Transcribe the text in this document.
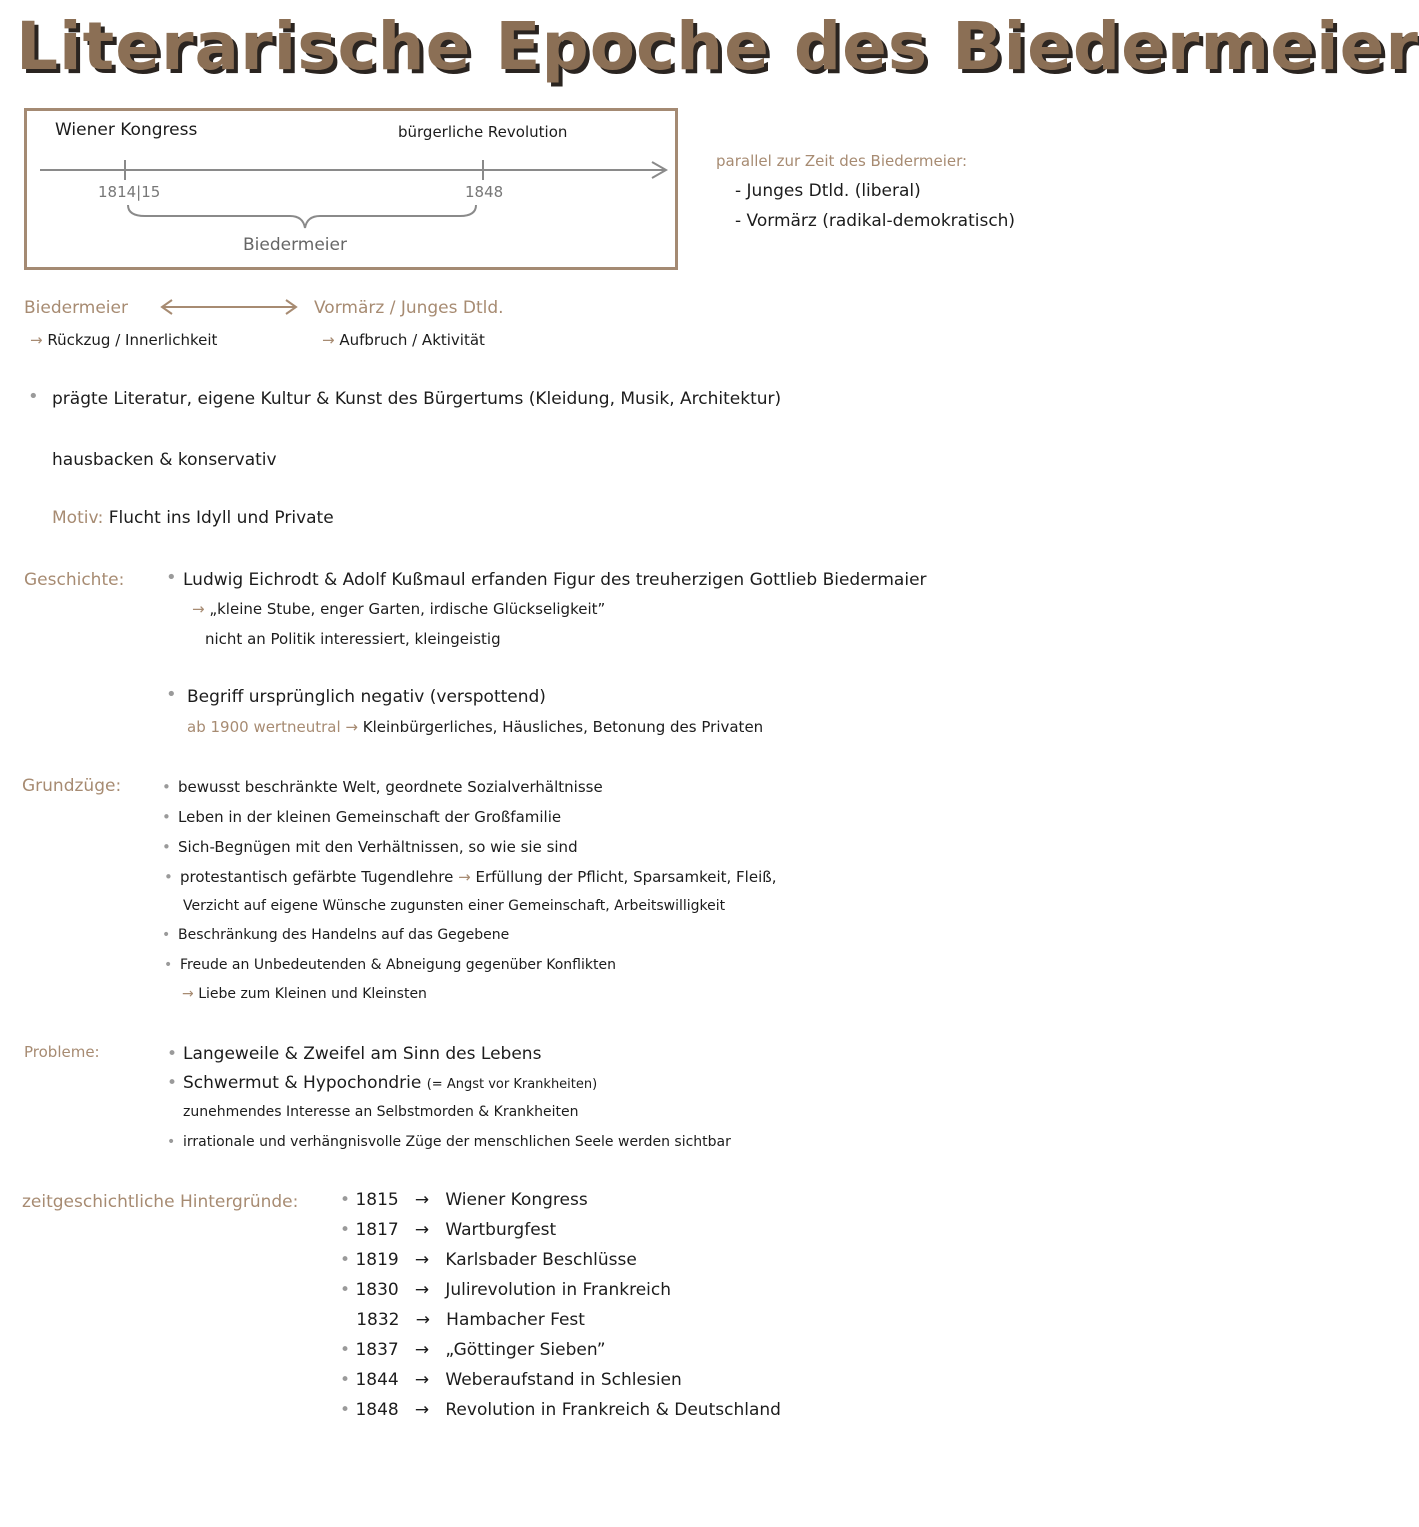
Literarische Epoche des Biedermeier
Wiener Kongress	bürgerliche Revolution
1814|15	1848
Biedermeier
parallel zur Zeit des Biedermeier:
- Junges Dtld. (liberal)
- Vormärz (radikal-demokratisch)
Biedermeier	Vormärz / Junges Dtld.
→ Rückzug / Innerlichkeit	→ Aufbruch / Aktivität
• prägte Literatur, eigene Kultur & Kunst des Bürgertums (Kleidung, Musik, Architektur)
hausbacken & konservativ
Motiv: Flucht ins Idyll und Private
Geschichte: • Ludwig Eichrodt & Adolf Kußmaul erfanden Figur des treuherzigen Gottlieb Biedermaier
→ „kleine Stube, enger Garten, irdische Glückseligkeit”
nicht an Politik interessiert, kleingeistig
• Begriff ursprünglich negativ (verspottend)
ab 1900 wertneutral → Kleinbürgerliches, Häusliches, Betonung des Privaten
Grundzüge:	• bewusst beschränkte Welt, geordnete Sozialverhältnisse
• Leben in der kleinen Gemeinschaft der Großfamilie
• Sich-Begnügen mit den Verhältnissen, so wie sie sind
• protestantisch gefärbte Tugendlehre → Erfüllung der Pflicht, Sparsamkeit, Fleiß,
Verzicht auf eigene Wünsche zugunsten einer Gemeinschaft, Arbeitswilligkeit
• Beschränkung des Handelns auf das Gegebene
• Freude an Unbedeutenden & Abneigung gegenüber Konflikten
→ Liebe zum Kleinen und Kleinsten
Probleme:	• Langeweile & Zweifel am Sinn des Lebens
• Schwermut & Hypochondrie (= Angst vor Krankheiten)
zunehmendes Interesse an Selbstmorden & Krankheiten
• irrationale und verhängnisvolle Züge der menschlichen Seele werden sichtbar
zeitgeschichtliche Hintergründe: • 1815   →   Wiener Kongress
• 1817   →   Wartburgfest
• 1819   →   Karlsbader Beschlüsse
• 1830   →   Julirevolution in Frankreich
1832   →   Hambacher Fest
• 1837   →   „Göttinger Sieben”
• 1844   →   Weberaufstand in Schlesien
• 1848   →   Revolution in Frankreich & Deutschland
